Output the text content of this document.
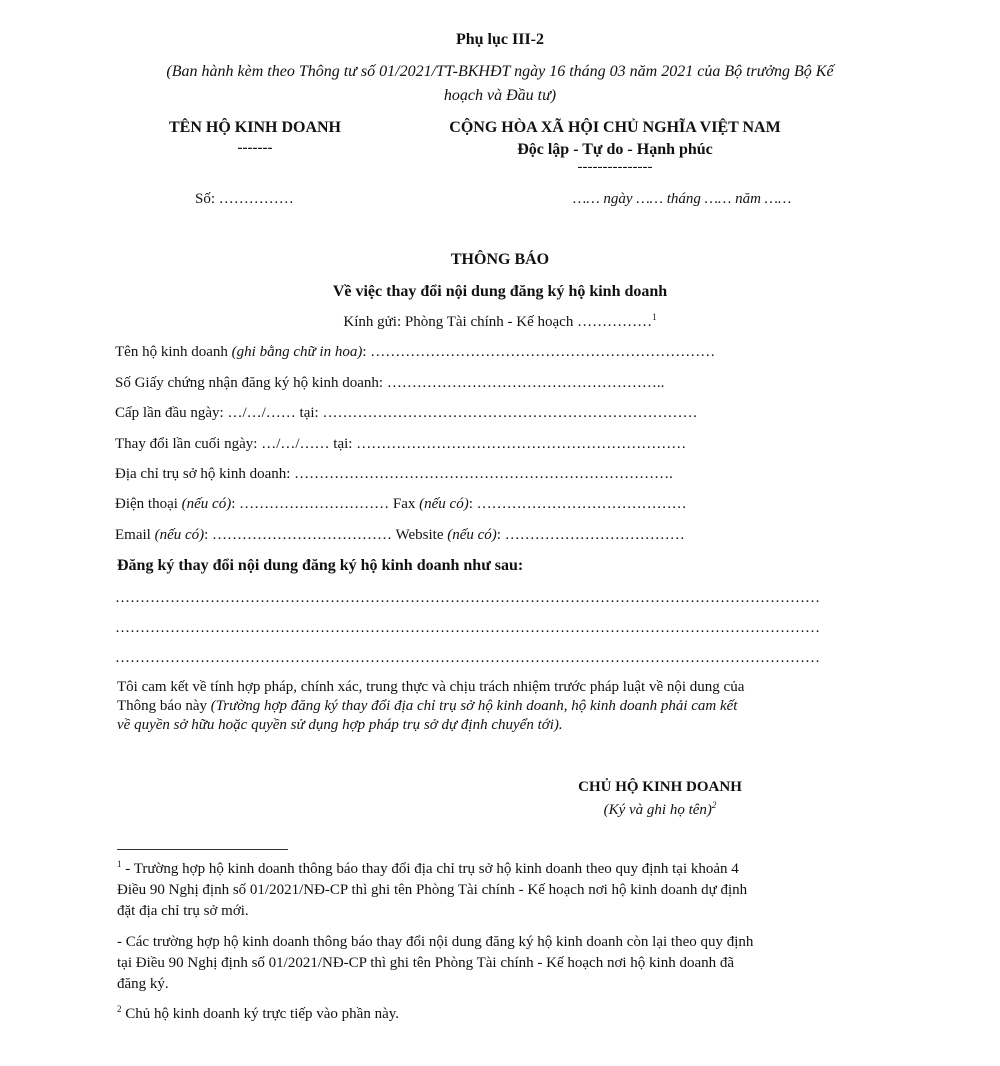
Phụ lục III-2
(Ban hành kèm theo Thông tư số 01/2021/TT-BKHĐT ngày 16 tháng 03 năm 2021 của Bộ trưởng Bộ Kế
hoạch và Đầu tư)
TÊN HỘ KINH DOANH
-------
CỘNG HÒA XÃ HỘI CHỦ NGHĨA VIỆT NAM
Độc lập - Tự do - Hạnh phúc
---------------
Số: ……………	…… ngày …… tháng …… năm ……
THÔNG BÁO
Về việc thay đổi nội dung đăng ký hộ kinh doanh
Kính gửi: Phòng Tài chính - Kế hoạch ……………$^1$
Tên hộ kinh doanh (ghi bằng chữ in hoa): ……………………………………………………………
Số Giấy chứng nhận đăng ký hộ kinh doanh: ………………………………………………..
Cấp lần đầu ngày: …/…/…… tại: …………………………………………………………………
Thay đổi lần cuối ngày: …/…/…… tại: …………………………………………………………
Địa chỉ trụ sở hộ kinh doanh: ………………………………………………………………….
Điện thoại (nếu có): ………………………… Fax (nếu có): ……………………………………
Email (nếu có): ……………………………… Website (nếu có): ………………………………
Đăng ký thay đổi nội dung đăng ký hộ kinh doanh như sau:
……………………………………………………………………………………………………………………………
……………………………………………………………………………………………………………………………
……………………………………………………………………………………………………………………………
Tôi cam kết về tính hợp pháp, chính xác, trung thực và chịu trách nhiệm trước pháp luật về nội dung của
Thông báo này (Trường hợp đăng ký thay đổi địa chỉ trụ sở hộ kinh doanh, hộ kinh doanh phải cam kết
về quyền sở hữu hoặc quyền sử dụng hợp pháp trụ sở dự định chuyển tới).
CHỦ HỘ KINH DOANH
(Ký và ghi họ tên)$^2$
$^1$ - Trường hợp hộ kinh doanh thông báo thay đổi địa chỉ trụ sở hộ kinh doanh theo quy định tại khoản 4
Điều 90 Nghị định số 01/2021/NĐ-CP thì ghi tên Phòng Tài chính - Kế hoạch nơi hộ kinh doanh dự định
đặt địa chỉ trụ sở mới.
- Các trường hợp hộ kinh doanh thông báo thay đổi nội dung đăng ký hộ kinh doanh còn lại theo quy định
tại Điều 90 Nghị định số 01/2021/NĐ-CP thì ghi tên Phòng Tài chính - Kế hoạch nơi hộ kinh doanh đã
đăng ký.
$^2$ Chủ hộ kinh doanh ký trực tiếp vào phần này.
